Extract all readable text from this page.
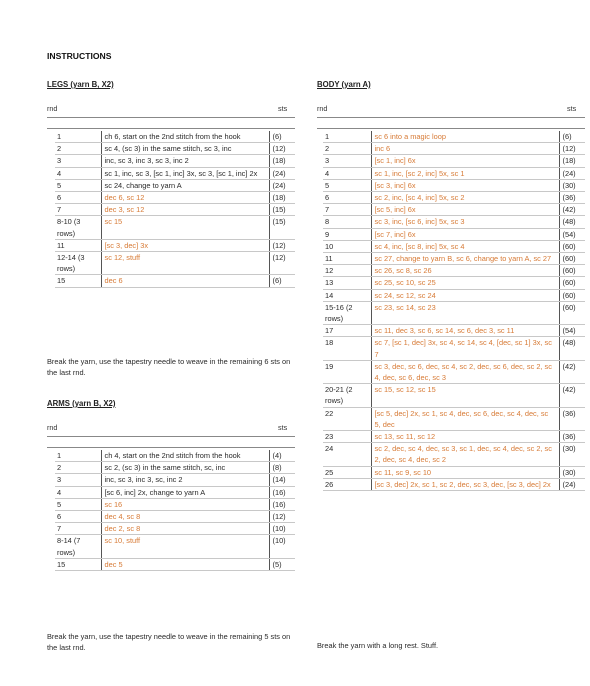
INSTRUCTIONS
LEGS (yarn B, X2)
rnd	sts
1	ch 6, start on the 2nd stitch from the hook	(6)
2	sc 4, (sc 3) in the same stitch, sc 3, inc	(12)
3	inc, sc 3, inc 3, sc 3, inc 2	(18)
4	sc 1, inc, sc 3, [sc 1, inc] 3x, sc 3, [sc 1, inc] 2x	(24)
5	sc 24, change to yarn A	(24)
6	dec 6, sc 12	(18)
7	dec 3, sc 12	(15)
8-10 (3 rows)	sc 15	(15)
11	[sc 3, dec] 3x	(12)
12-14 (3 rows)	sc 12, stuff	(12)
15	dec 6	(6)
Break the yarn, use the tapestry needle to weave in the remaining 6 sts on the last rnd.
ARMS (yarn B, X2)
rnd	sts
1	ch 4, start on the 2nd stitch from the hook	(4)
2	sc 2, (sc 3) in the same stitch, sc, inc	(8)
3	inc, sc 3, inc 3, sc, inc 2	(14)
4	[sc 6, inc] 2x, change to yarn A	(16)
5	sc 16	(16)
6	dec 4, sc 8	(12)
7	dec 2, sc 8	(10)
8-14 (7 rows)	sc 10, stuff	(10)
15	dec 5	(5)
Break the yarn, use the tapestry needle to weave in the remaining 5 sts on the last rnd.
BODY (yarn A)
rnd	sts
1	sc 6 into a magic loop	(6)
2	inc 6	(12)
3	[sc 1, inc] 6x	(18)
4	sc 1, inc, [sc 2, inc] 5x, sc 1	(24)
5	[sc 3, inc] 6x	(30)
6	sc 2, inc, [sc 4, inc] 5x, sc 2	(36)
7	[sc 5, inc] 6x	(42)
8	sc 3, inc, [sc 6, inc] 5x, sc 3	(48)
9	[sc 7, inc] 6x	(54)
10	sc 4, inc, [sc 8, inc] 5x, sc 4	(60)
11	sc 27, change to yarn B, sc 6, change to yarn A, sc 27	(60)
12	sc 26, sc 8, sc 26	(60)
13	sc 25, sc 10, sc 25	(60)
14	sc 24, sc 12, sc 24	(60)
15-16 (2 rows)	sc 23, sc 14, sc 23	(60)
17	sc 11, dec 3, sc 6, sc 14, sc 6, dec 3, sc 11	(54)
18	sc 7, [sc 1, dec] 3x, sc 4, sc 14, sc 4, [dec, sc 1] 3x, sc 7	(48)
19	sc 3, dec, sc 6, dec, sc 4, sc 2, dec, sc 6, dec, sc 2, sc 4, dec, sc 6, dec, sc 3	(42)
20-21 (2 rows)	sc 15, sc 12, sc 15	(42)
22	[sc 5, dec] 2x, sc 1, sc 4, dec, sc 6, dec, sc 4, dec, sc 5, dec	(36)
23	sc 13, sc 11, sc 12	(36)
24	sc 2, dec, sc 4, dec, sc 3, sc 1, dec, sc 4, dec, sc 2, sc 2, dec, sc 4, dec, sc 2	(30)
25	sc 11, sc 9, sc 10	(30)
26	[sc 3, dec] 2x, sc 1, sc 2, dec, sc 3, dec, [sc 3, dec] 2x	(24)
Break the yarn with a long rest. Stuff.
